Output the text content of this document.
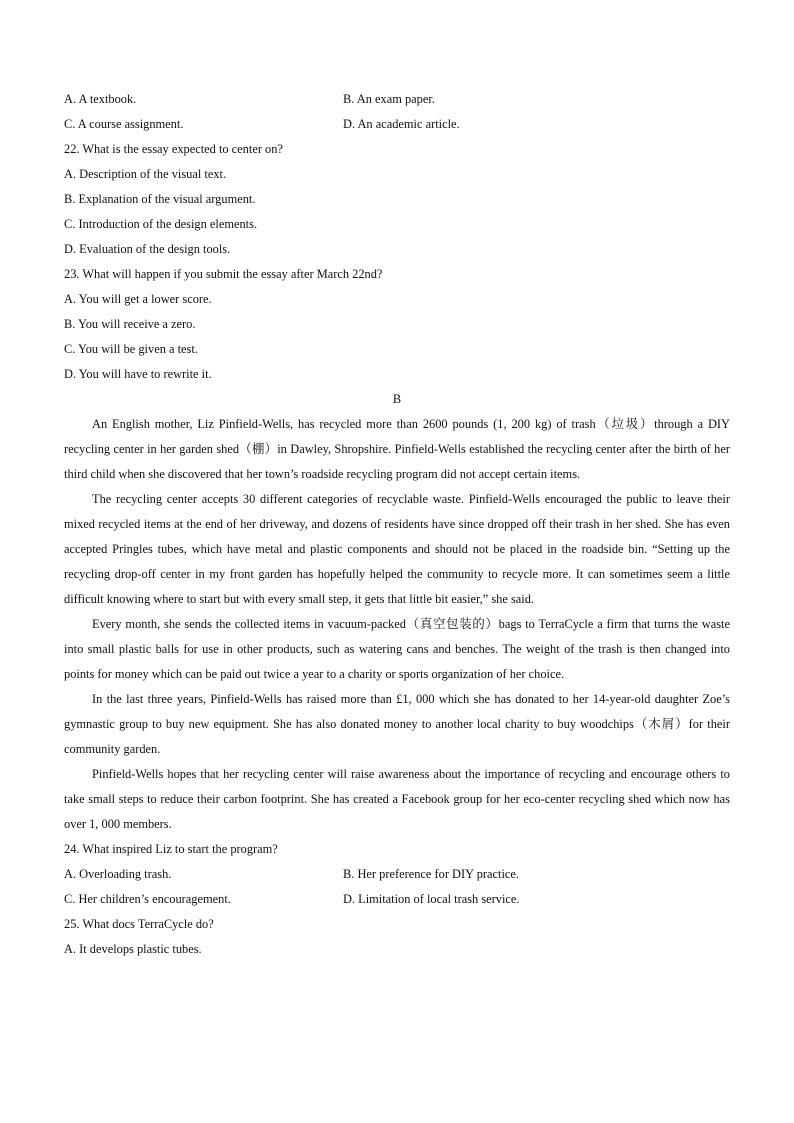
A. A textbook.	B. An exam paper.
C. A course assignment.	D. An academic article.

22. What is the essay expected to center on?

A. Description of the visual text.

B. Explanation of the visual argument.

C. Introduction of the design elements.

D. Evaluation of the design tools.

23. What will happen if you submit the essay after March 22nd?

A. You will get a lower score.

B. You will receive a zero.

C. You will be given a test.

D. You will have to rewrite it.

B

An English mother, Liz Pinfield-Wells, has recycled more than 2600 pounds (1, 200 kg) of trash（垃圾）through a DIY recycling center in her garden shed（棚）in Dawley, Shropshire. Pinfield-Wells established the recycling center after the birth of her third child when she discovered that her town’s roadside recycling program did not accept certain items.

The recycling center accepts 30 different categories of recyclable waste. Pinfield-Wells encouraged the public to leave their mixed recycled items at the end of her driveway, and dozens of residents have since dropped off their trash in her shed. She has even accepted Pringles tubes, which have metal and plastic components and should not be placed in the roadside bin. “Setting up the recycling drop-off center in my front garden has hopefully helped the community to recycle more. It can sometimes seem a little difficult knowing where to start but with every small step, it gets that little bit easier,” she said.

Every month, she sends the collected items in vacuum-packed（真空包装的）bags to TerraCycle a firm that turns the waste into small plastic balls for use in other products, such as watering cans and benches. The weight of the trash is then changed into points for money which can be paid out twice a year to a charity or sports organization of her choice.

In the last three years, Pinfield-Wells has raised more than £1, 000 which she has donated to her 14-year-old daughter Zoe’s gymnastic group to buy new equipment. She has also donated money to another local charity to buy woodchips（木屑）for their community garden.

Pinfield-Wells hopes that her recycling center will raise awareness about the importance of recycling and encourage others to take small steps to reduce their carbon footprint. She has created a Facebook group for her eco-center recycling shed which now has over 1, 000 members.

24. What inspired Liz to start the program?

A. Overloading trash.	B. Her preference for DIY practice.
C. Her children’s encouragement.	D. Limitation of local trash service.

25. What docs TerraCycle do?

A. It develops plastic tubes.
